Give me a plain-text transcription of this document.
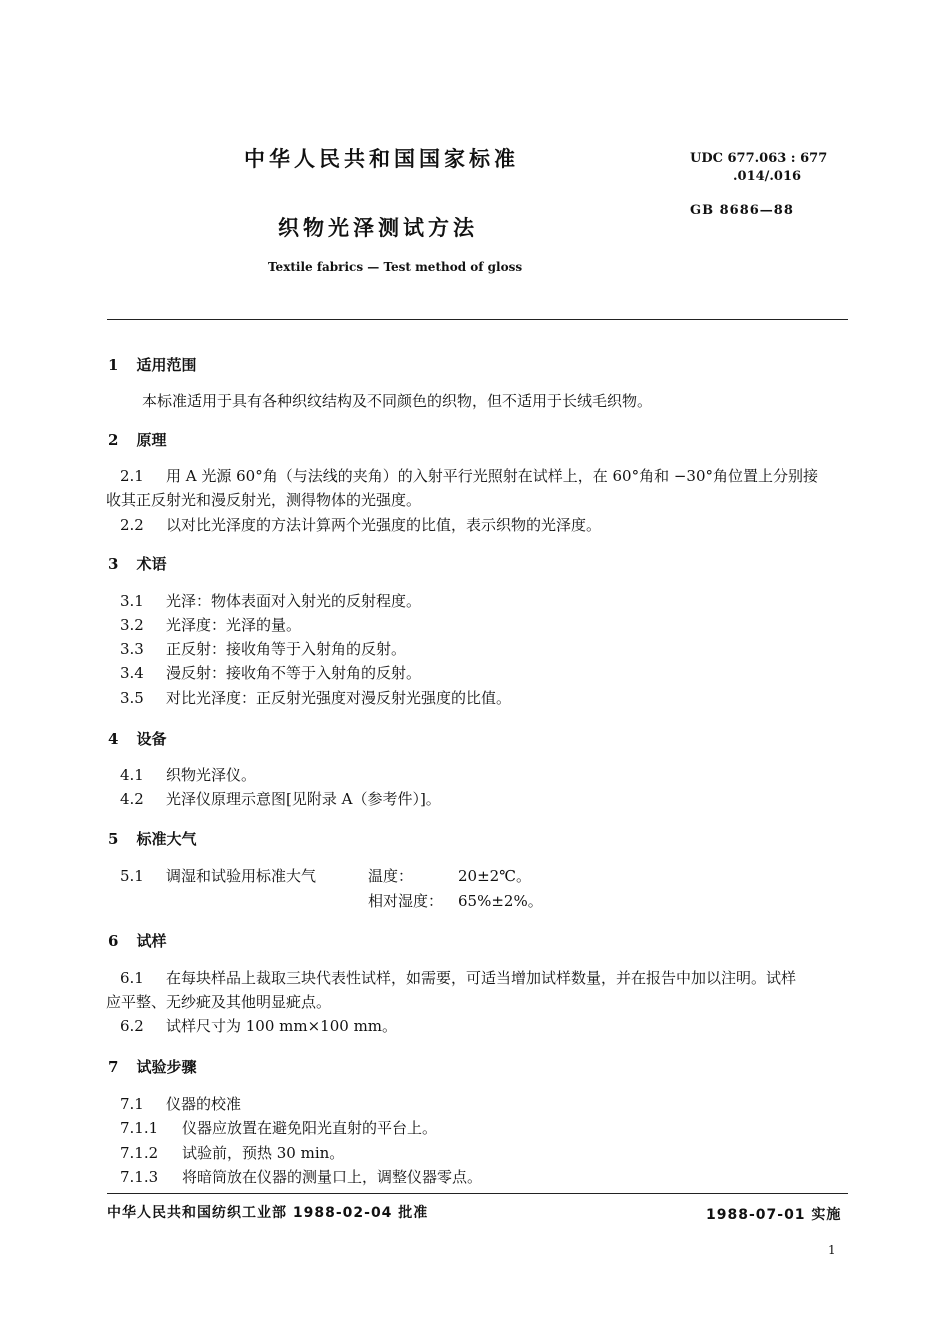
中华人民共和国国家标准	UDC 677.063 : 677
.014/.016
GB 8686—88
织物光泽测试方法
Textile fabrics — Test method of gloss
1 适用范围
本标准适用于具有各种织纹结构及不同颜色的织物，但不适用于长绒毛织物。
2 原理
2.1 用 A 光源 60°角（与法线的夹角）的入射平行光照射在试样上，在 60°角和 −30°角位置上分别接
收其正反射光和漫反射光，测得物体的光强度。
2.2 以对比光泽度的方法计算两个光强度的比值，表示织物的光泽度。
3 术语
3.1 光泽：物体表面对入射光的反射程度。
3.2 光泽度：光泽的量。
3.3 正反射：接收角等于入射角的反射。
3.4 漫反射：接收角不等于入射角的反射。
3.5 对比光泽度：正反射光强度对漫反射光强度的比值。
4 设备
4.1 织物光泽仪。
4.2 光泽仪原理示意图[见附录 A（参考件）]。
5 标准大气
5.1 调湿和试验用标准大气	温度：	20±2℃。
相对湿度： 65%±2%。
6 试样
6.1 在每块样品上裁取三块代表性试样，如需要，可适当增加试样数量，并在报告中加以注明。试样
应平整、无纱疵及其他明显疵点。
6.2 试样尺寸为 100 mm×100 mm。
7 试验步骤
7.1 仪器的校准
7.1.1 仪器应放置在避免阳光直射的平台上。
7.1.2 试验前，预热 30 min。
7.1.3 将暗筒放在仪器的测量口上，调整仪器零点。
中华人民共和国纺织工业部 1988-02-04 批准	1988-07-01 实施
1
